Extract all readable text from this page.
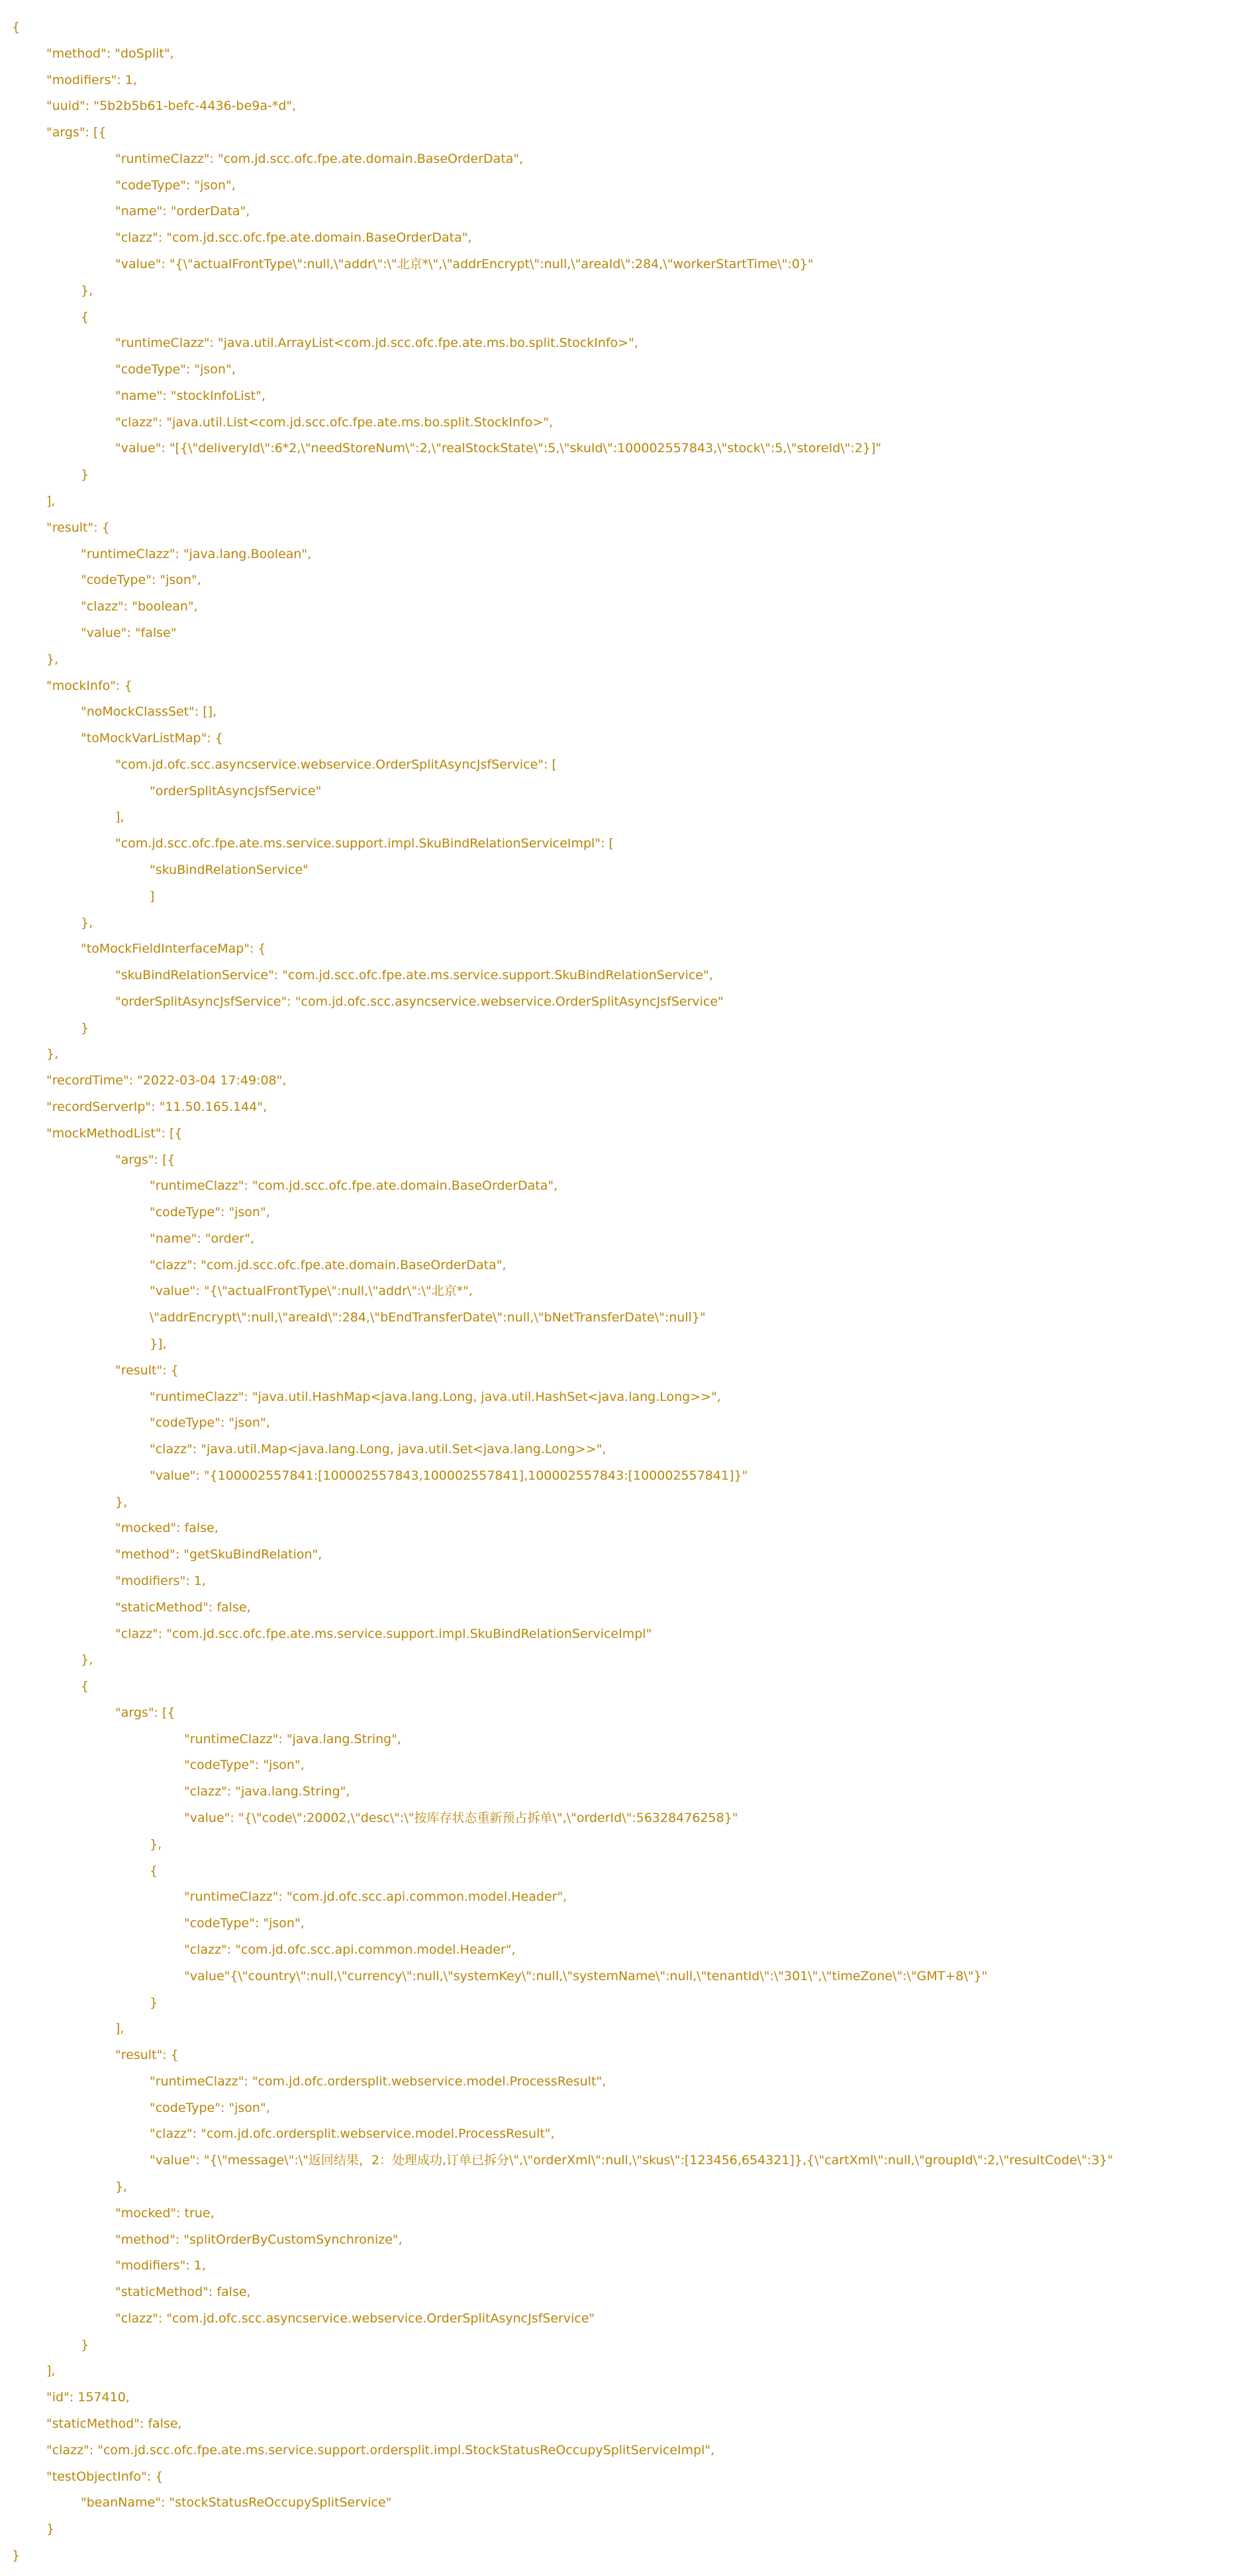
{
"method": "doSplit",
"modifiers": 1,
"uuid": "5b2b5b61-befc-4436-be9a-*d",
"args": [{
"runtimeClazz": "com.jd.scc.ofc.fpe.ate.domain.BaseOrderData",
"codeType": "json",
"name": "orderData",
"clazz": "com.jd.scc.ofc.fpe.ate.domain.BaseOrderData",
"value": "{\"actualFrontType\":null,\"addr\":\"北京*\",\"addrEncrypt\":null,\"areaId\":284,\"workerStartTime\":0}"
},
{
"runtimeClazz": "java.util.ArrayList<com.jd.scc.ofc.fpe.ate.ms.bo.split.StockInfo>",
"codeType": "json",
"name": "stockInfoList",
"clazz": "java.util.List<com.jd.scc.ofc.fpe.ate.ms.bo.split.StockInfo>",
"value": "[{\"deliveryId\":6*2,\"needStoreNum\":2,\"realStockState\":5,\"skuId\":100002557843,\"stock\":5,\"storeId\":2}]"
}
],
"result": {
"runtimeClazz": "java.lang.Boolean",
"codeType": "json",
"clazz": "boolean",
"value": "false"
},
"mockInfo": {
"noMockClassSet": [],
"toMockVarListMap": {
"com.jd.ofc.scc.asyncservice.webservice.OrderSplitAsyncJsfService": [
"orderSplitAsyncJsfService"
],
"com.jd.scc.ofc.fpe.ate.ms.service.support.impl.SkuBindRelationServiceImpl": [
"skuBindRelationService"
]
},
"toMockFieldInterfaceMap": {
"skuBindRelationService": "com.jd.scc.ofc.fpe.ate.ms.service.support.SkuBindRelationService",
"orderSplitAsyncJsfService": "com.jd.ofc.scc.asyncservice.webservice.OrderSplitAsyncJsfService"
}
},
"recordTime": "2022-03-04 17:49:08",
"recordServerIp": "11.50.165.144",
"mockMethodList": [{
"args": [{
"runtimeClazz": "com.jd.scc.ofc.fpe.ate.domain.BaseOrderData",
"codeType": "json",
"name": "order",
"clazz": "com.jd.scc.ofc.fpe.ate.domain.BaseOrderData",
"value": "{\"actualFrontType\":null,\"addr\":\"北京*",
\"addrEncrypt\":null,\"areaId\":284,\"bEndTransferDate\":null,\"bNetTransferDate\":null}"
}],
"result": {
"runtimeClazz": "java.util.HashMap<java.lang.Long, java.util.HashSet<java.lang.Long>>",
"codeType": "json",
"clazz": "java.util.Map<java.lang.Long, java.util.Set<java.lang.Long>>",
"value": "{100002557841:[100002557843,100002557841],100002557843:[100002557841]}"
},
"mocked": false,
"method": "getSkuBindRelation",
"modifiers": 1,
"staticMethod": false,
"clazz": "com.jd.scc.ofc.fpe.ate.ms.service.support.impl.SkuBindRelationServiceImpl"
},
{
"args": [{
"runtimeClazz": "java.lang.String",
"codeType": "json",
"clazz": "java.lang.String",
"value": "{\"code\":20002,\"desc\":\"按库存状态重新预占拆单\",\"orderId\":56328476258}"
},
{
"runtimeClazz": "com.jd.ofc.scc.api.common.model.Header",
"codeType": "json",
"clazz": "com.jd.ofc.scc.api.common.model.Header",
"value"{\"country\":null,\"currency\":null,\"systemKey\":null,\"systemName\":null,\"tenantId\":\"301\",\"timeZone\":\"GMT+8\"}"
}
],
"result": {
"runtimeClazz": "com.jd.ofc.ordersplit.webservice.model.ProcessResult",
"codeType": "json",
"clazz": "com.jd.ofc.ordersplit.webservice.model.ProcessResult",
"value": "{\"message\":\"返回结果，2：处理成功,订单已拆分\",\"orderXml\":null,\"skus\":[123456,654321]},{\"cartXml\":null,\"groupId\":2,\"resultCode\":3}"
},
"mocked": true,
"method": "splitOrderByCustomSynchronize",
"modifiers": 1,
"staticMethod": false,
"clazz": "com.jd.ofc.scc.asyncservice.webservice.OrderSplitAsyncJsfService"
}
],
"id": 157410,
"staticMethod": false,
"clazz": "com.jd.scc.ofc.fpe.ate.ms.service.support.ordersplit.impl.StockStatusReOccupySplitServiceImpl",
"testObjectInfo": {
"beanName": "stockStatusReOccupySplitService"
}
}
